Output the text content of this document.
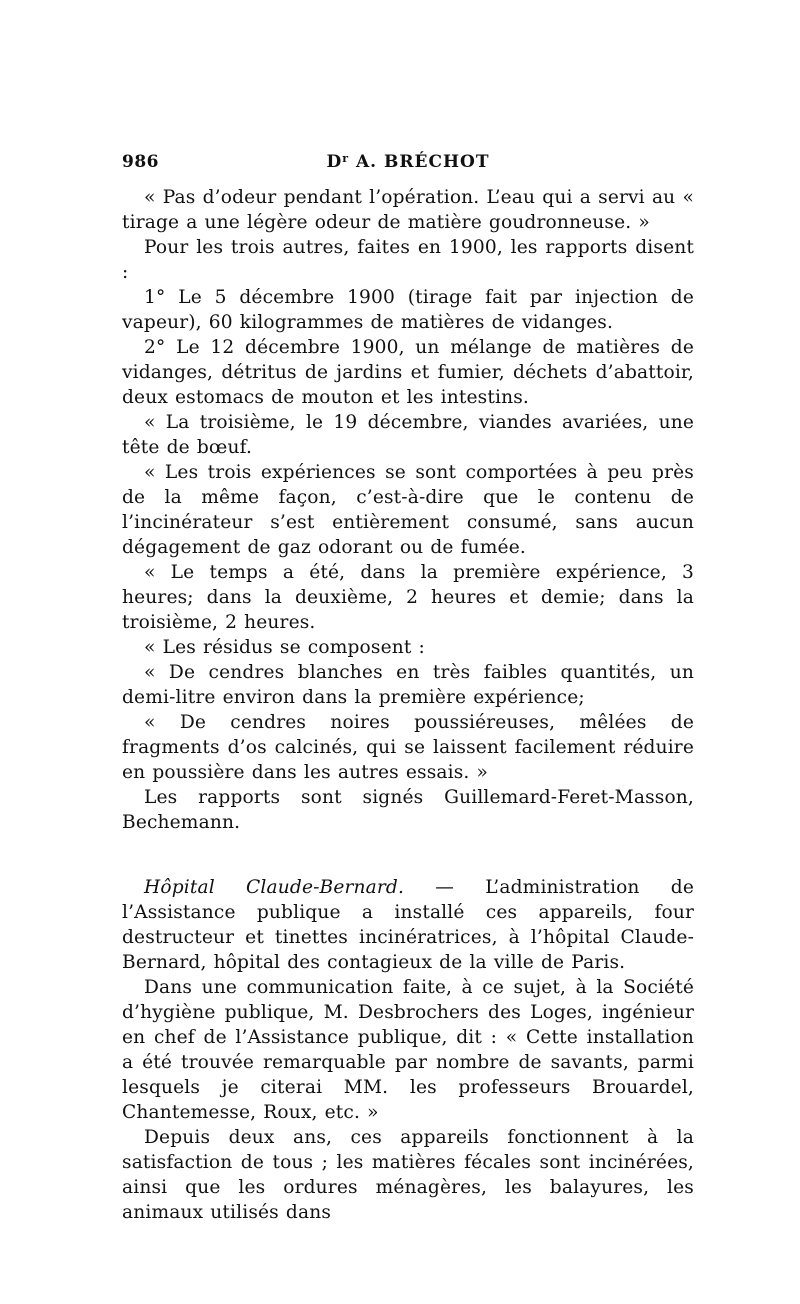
986	$D^r$ A. BRÉCHOT

« Pas d’odeur pendant l’opération. L’eau qui a servi au « tirage a une légère odeur de matière goudronneuse. »

Pour les trois autres, faites en 1900, les rapports disent :

1° Le 5 décembre 1900 (tirage fait par injection de vapeur), 60 kilogrammes de matières de vidanges.

2° Le 12 décembre 1900, un mélange de matières de vidanges, détritus de jardins et fumier, déchets d’abattoir, deux estomacs de mouton et les intestins.

« La troisième, le 19 décembre, viandes avariées, une tête de bœuf.

« Les trois expériences se sont comportées à peu près de la même façon, c’est-à-dire que le contenu de l’incinérateur s’est entièrement consumé, sans aucun dégagement de gaz odorant ou de fumée.

« Le temps a été, dans la première expérience, 3 heures; dans la deuxième, 2 heures et demie; dans la troisième, 2 heures.

« Les résidus se composent :

« De cendres blanches en très faibles quantités, un demi-litre environ dans la première expérience;

« De cendres noires poussiéreuses, mêlées de fragments d’os calcinés, qui se laissent facilement réduire en poussière dans les autres essais. »

Les rapports sont signés Guillemard-Feret-Masson, Bechemann.

Hôpital Claude-Bernard. — L’administration de l’Assistance publique a installé ces appareils, four destructeur et tinettes incinératrices, à l’hôpital Claude-Bernard, hôpital des contagieux de la ville de Paris.

Dans une communication faite, à ce sujet, à la Société d’hygiène publique, M. Desbrochers des Loges, ingénieur en chef de l’Assistance publique, dit : « Cette installation a été trouvée remarquable par nombre de savants, parmi lesquels je citerai MM. les professeurs Brouardel, Chantemesse, Roux, etc. »

Depuis deux ans, ces appareils fonctionnent à la satisfaction de tous ; les matières fécales sont incinérées, ainsi que les ordures ménagères, les balayures, les animaux utilisés dans
